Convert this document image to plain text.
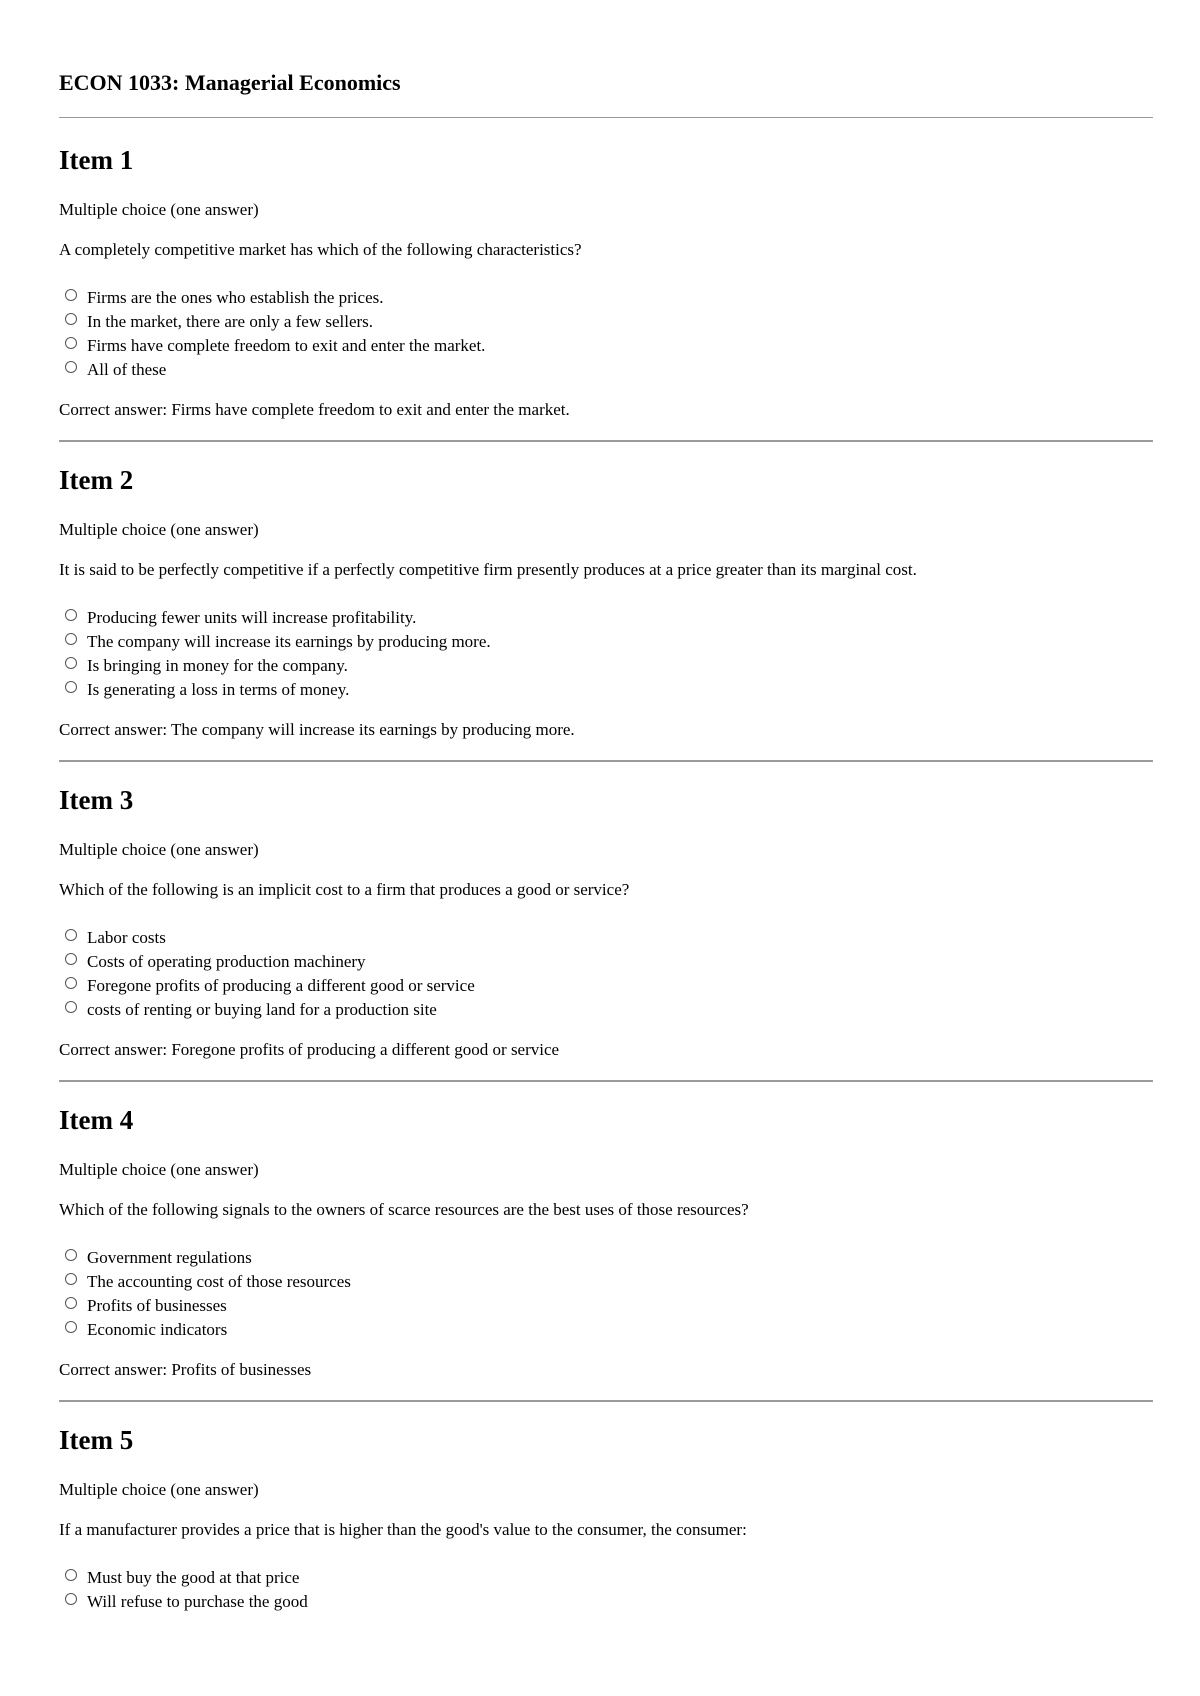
ECON 1033: Managerial Economics
Item 1
Multiple choice (one answer)
A completely competitive market has which of the following characteristics?
Firms are the ones who establish the prices.
In the market, there are only a few sellers.
Firms have complete freedom to exit and enter the market.
All of these
Correct answer: Firms have complete freedom to exit and enter the market.
Item 2
Multiple choice (one answer)
It is said to be perfectly competitive if a perfectly competitive firm presently produces at a price greater than its marginal cost.
Producing fewer units will increase profitability.
The company will increase its earnings by producing more.
Is bringing in money for the company.
Is generating a loss in terms of money.
Correct answer: The company will increase its earnings by producing more.
Item 3
Multiple choice (one answer)
Which of the following is an implicit cost to a firm that produces a good or service?
Labor costs
Costs of operating production machinery
Foregone profits of producing a different good or service
costs of renting or buying land for a production site
Correct answer: Foregone profits of producing a different good or service
Item 4
Multiple choice (one answer)
Which of the following signals to the owners of scarce resources are the best uses of those resources?
Government regulations
The accounting cost of those resources
Profits of businesses
Economic indicators
Correct answer: Profits of businesses
Item 5
Multiple choice (one answer)
If a manufacturer provides a price that is higher than the good's value to the consumer, the consumer:
Must buy the good at that price
Will refuse to purchase the good
